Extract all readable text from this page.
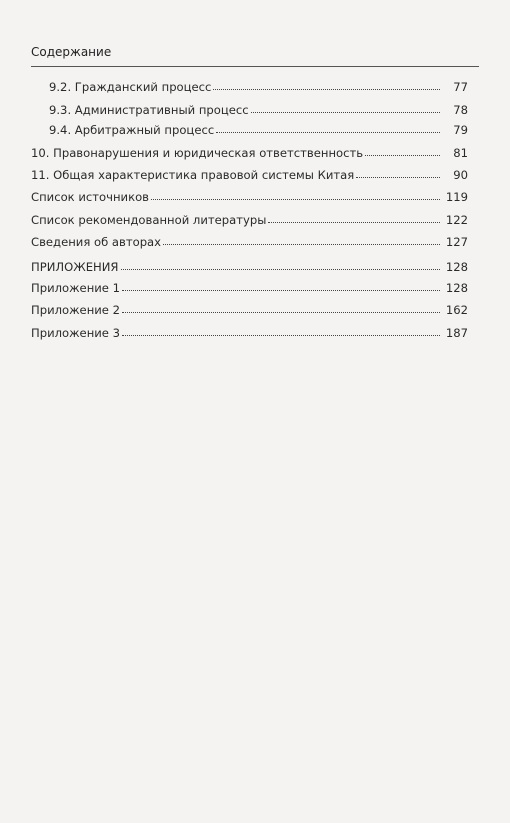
Содержание
9.2. Гражданский процесс	77
9.3. Административный процесс	78
9.4. Арбитражный процесс	79
10. Правонарушения и юридическая ответственность	81
11. Общая характеристика правовой системы Китая	90
Список источников	119
Список рекомендованной литературы	122
Сведения об авторах	127
ПРИЛОЖЕНИЯ	128
Приложение 1	128
Приложение 2	162
Приложение 3	187
